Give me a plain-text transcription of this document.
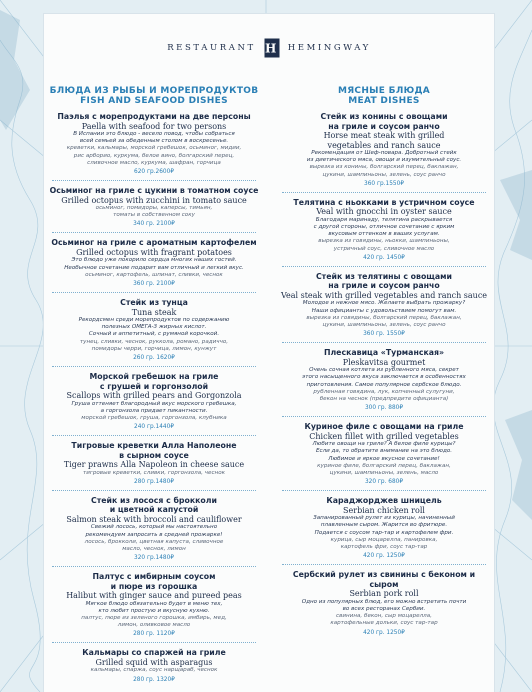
RESTAURANT H HEMINGWAY
БЛЮДА ИЗ РЫБЫ И МОРЕПРОДУКТОВ
FISH AND SEAFOOD DISHES
Паэлья с морепродуктами на две персоны
Paella with seafood for two persons
В Испании это блюдо - весело повод, чтобы собраться
всей семьей за обеденным столом в воскресенье.
креветки, кальмары, морской гребешок, осьминог, мидии,
рис арборио, куркума, белое вино, болгарский перец,
сливочное масло, куркума, шафран, горчица
620 гр.2600₽
Осьминог на гриле с цукини в томатном соусе
Grilled octopus with zucchini in tomato sauce
осьминог, помидоры, каперсы, тимьян,
томаты в собственном соку
340 гр. 2100₽
Осьминог на гриле с ароматным картофелем
Grilled octopus with fragrant potatoes
Это блюдо уже покорило сердца многих наших гостей.
Необычное сочетание подарит вам отличный и легкий вкус.
осьминог, картофель, шпинат, сливки, чеснок
360 гр. 2100₽
Стейк из тунца
Tuna steak
Рекордсмен среди морепродуктов по содержанию
полезных ОМЕГА-3 жирных кислот.
Сочный и аппетитный, с румяной корочкой.
тунец, сливки, чеснок, руккола, романо, радиччо,
помидоры черри, горчица, лимон, кунжут
260 гр. 1620₽
Морской гребешок на гриле
с грушей и горгонзолой
Scallops with grilled pears and Gorgonzola
Груша оттеняет благородный вкус морского гребешка,
а горгонзола придает пикантности.
морской гребешок, груша, горгонзола, клубника
240 гр.1440₽
Тигровые креветки Алла Наполеоне
в сырном соусе
Tiger prawns Alla Napoleon in cheese sauce
тигровые креветки, сливки, горгонзола, чеснок
280 гр.1480₽
Стейк из лосося с брокколи
и цветной капустой
Salmon steak with broccoli and cauliflower
Свежий лосось, который мы настоятельно
рекомендуем запросить в средней прожарке!
лосось, брокколи, цветная капуста, сливочное
масло, чеснок, лимон
320 гр.1480₽
Палтус с имбирным соусом
и пюре из горошка
Halibut with ginger sauce and pureed peas
Мягкое блюдо обязательно будет в меню тех,
кто любит простую и вкусную кухню.
палтус, пюре из зеленого горошка, имбирь, мед,
лимон, оливковое масло
280 гр. 1120₽
Кальмары со спаржей на гриле
Grilled squid with asparagus
кальмары, спаржа, соус нарщараб, чеснок
280 гр. 1320₽
МЯСНЫЕ БЛЮДА
MEAT DISHES
Стейк из конины с овощами
на гриле и соусом ранчо
Horse meat steak with grilled
vegetables and ranch sauce
Рекомендация от Шеф-повара. Добротный стейк
из диетического мяса, овощи и изумительный соус.
вырезка из конины, болгарский перец, баклажан,
цукини, шампиньоны, зелень, соус ранчо
360 гр.1550₽
Телятина с ньокками в устричном соусе
Veal with gnocchi in oyster sauce
Благодаря маринаду, телятина раскрывается
с другой стороны, отличное сочетание с ярким
вкусовым оттенком в ваших услугам.
вырезка из говядины, ньокки, шампиньоны,
устричный соус, сливочное масло
420 гр. 1450₽
Стейк из телятины с овощами
на гриле и соусом ранчо
Veal steak with grilled vegetables and ranch sauce
Молодое и нежное мясо. Желаете выбрать прожарку?
Наши официанты с удовольствием помогут вам.
вырезка из говядины, болгарский перец, баклажан,
цукини, шампиньоны, зелень, соус ранчо
360 гр. 1550₽
Плескавица «Турманская»
Pleskavitsa gourmet
Очень сочная котлета из рубленного мяса, секрет
этого насыщенного вкуса заключается в особенностях
приготовления. Самое популярное сербское блюдо.
рубленная говядина, лук, копченный сулугуни,
бекон на чеснок (предпредите официанта)
300 гр. 880₽
Куриное филе с овощами на гриле
Chicken fillet with grilled vegetables
Любите овощи на гриле? А белое филе курицы?
Если да, то обратите внимание на это блюдо.
Любимое и яркое вкусное сочетание!
куриное филе, болгарский перец, баклажан,
цукини, шампиньоны, зелень, масло
320 гр. 680₽
Караджорджев шницель
Serbian chicken roll
Запанированный рулет из курицы, начиненный
плавленным сыром. Жарится во фритюре.
Подается с соусом тар-тар и картофелем фри.
курица, сыр моцарелла, панировка,
картофель фри, соус тар-тар
420 гр. 1250₽
Сербский рулет из свинины с беконом и сыром
Serbian pork roll
Одно из популярных блюд, его можно встретить почти
во всех ресторанах Сербии.
свинина, бекон, сыр моцарелла,
картофельные дольки, соус тар-тар
420 гр. 1250₽
